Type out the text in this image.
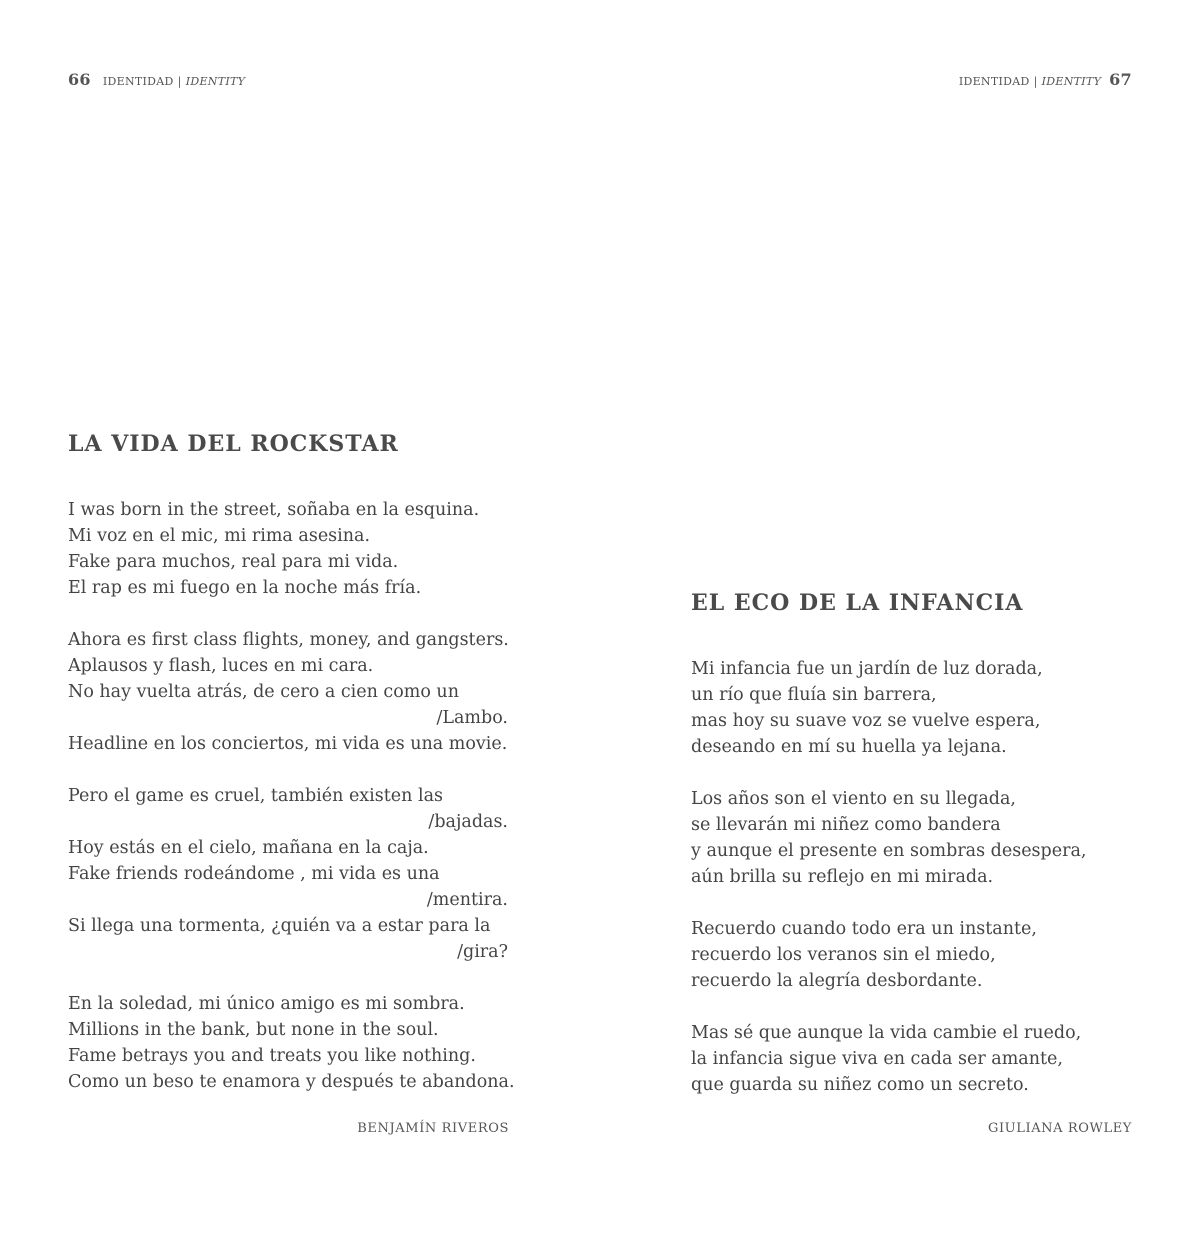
66 IDENTIDAD | IDENTITY	IDENTIDAD | IDENTITY 67
LA VIDA DEL ROCKSTAR
I was born in the street, soñaba en la esquina.
Mi voz en el mic, mi rima asesina.
Fake para muchos, real para mi vida.
El rap es mi fuego en la noche más fría.
Ahora es first class flights, money, and gangsters.
Aplausos y flash, luces en mi cara.
No hay vuelta atrás, de cero a cien como un
/Lambo.
Headline en los conciertos, mi vida es una movie.
Pero el game es cruel, también existen las
/bajadas.
Hoy estás en el cielo, mañana en la caja.
Fake friends rodeándome , mi vida es una
/mentira.
Si llega una tormenta, ¿quién va a estar para la
/gira?
En la soledad, mi único amigo es mi sombra.
Millions in the bank, but none in the soul.
Fame betrays you and treats you like nothing.
Como un beso te enamora y después te abandona.
BENJAMÍN RIVEROS
EL ECO DE LA INFANCIA
Mi infancia fue un jardín de luz dorada,
un río que fluía sin barrera,
mas hoy su suave voz se vuelve espera,
deseando en mí su huella ya lejana.
Los años son el viento en su llegada,
se llevarán mi niñez como bandera
y aunque el presente en sombras desespera,
aún brilla su reflejo en mi mirada.
Recuerdo cuando todo era un instante,
recuerdo los veranos sin el miedo,
recuerdo la alegría desbordante.
Mas sé que aunque la vida cambie el ruedo,
la infancia sigue viva en cada ser amante,
que guarda su niñez como un secreto.
GIULIANA ROWLEY
